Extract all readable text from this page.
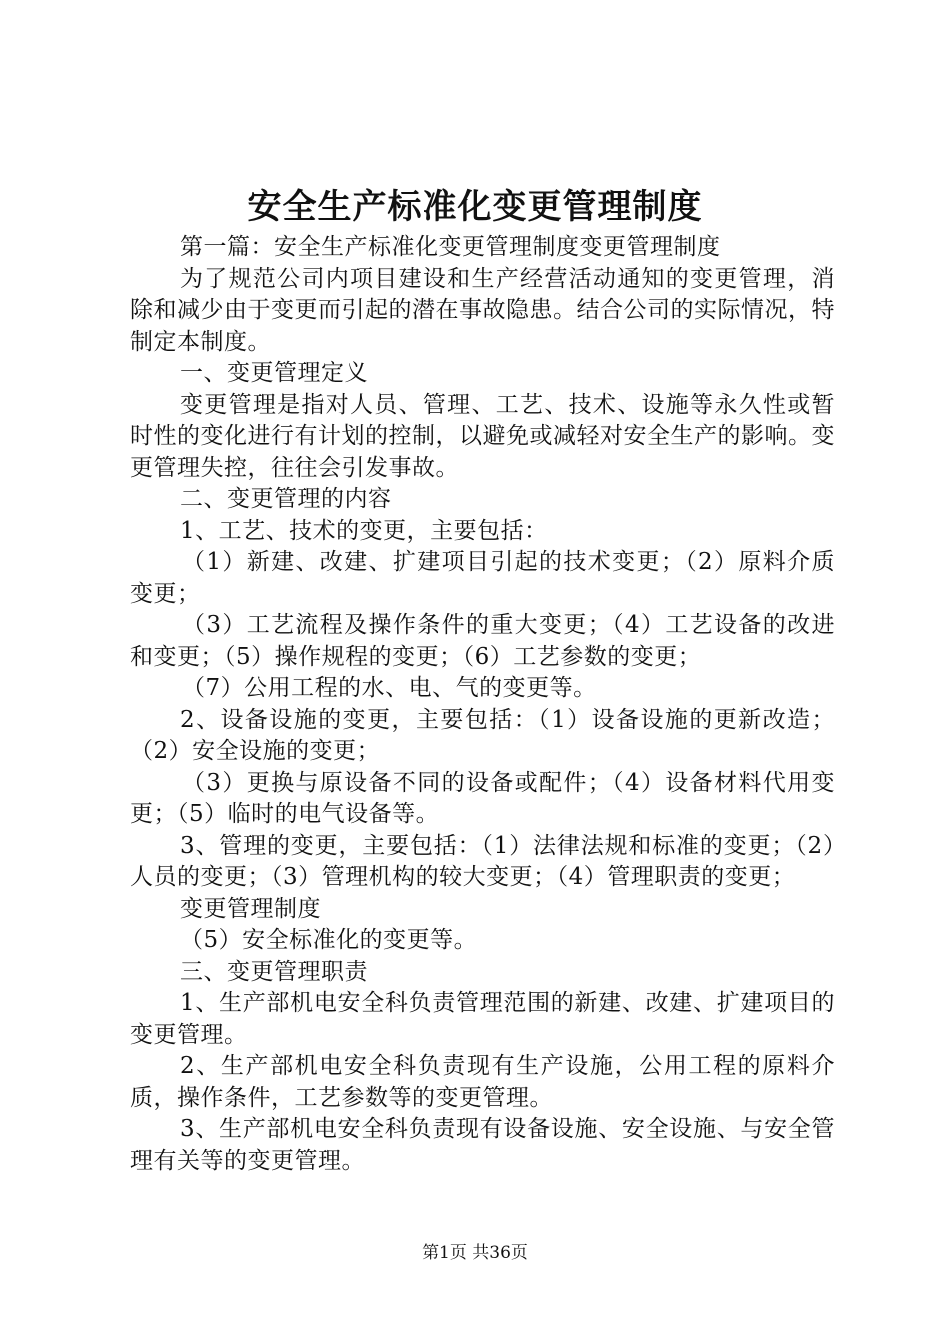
安全生产标准化变更管理制度

第一篇：安全生产标准化变更管理制度变更管理制度

为了规范公司内项目建设和生产经营活动通知的变更管理，消除和减少由于变更而引起的潜在事故隐患。结合公司的实际情况，特制定本制度。

一、变更管理定义

变更管理是指对人员、管理、工艺、技术、设施等永久性或暂时性的变化进行有计划的控制，以避免或减轻对安全生产的影响。变更管理失控，往往会引发事故。

二、变更管理的内容

1、工艺、技术的变更，主要包括：

（1）新建、改建、扩建项目引起的技术变更；（2）原料介质变更；

（3）工艺流程及操作条件的重大变更；（4）工艺设备的改进和变更；（5）操作规程的变更；（6）工艺参数的变更；

（7）公用工程的水、电、气的变更等。

2、设备设施的变更，主要包括：（1）设备设施的更新改造；（2）安全设施的变更；

（3）更换与原设备不同的设备或配件；（4）设备材料代用变更；（5）临时的电气设备等。

3、管理的变更，主要包括：（1）法律法规和标准的变更；（2）人员的变更；（3）管理机构的较大变更；（4）管理职责的变更；

变更管理制度

（5）安全标准化的变更等。

三、变更管理职责

1、生产部机电安全科负责管理范围的新建、改建、扩建项目的变更管理。

2、生产部机电安全科负责现有生产设施，公用工程的原料介质，操作条件，工艺参数等的变更管理。

3、生产部机电安全科负责现有设备设施、安全设施、与安全管理有关等的变更管理。

第1页 共36页
